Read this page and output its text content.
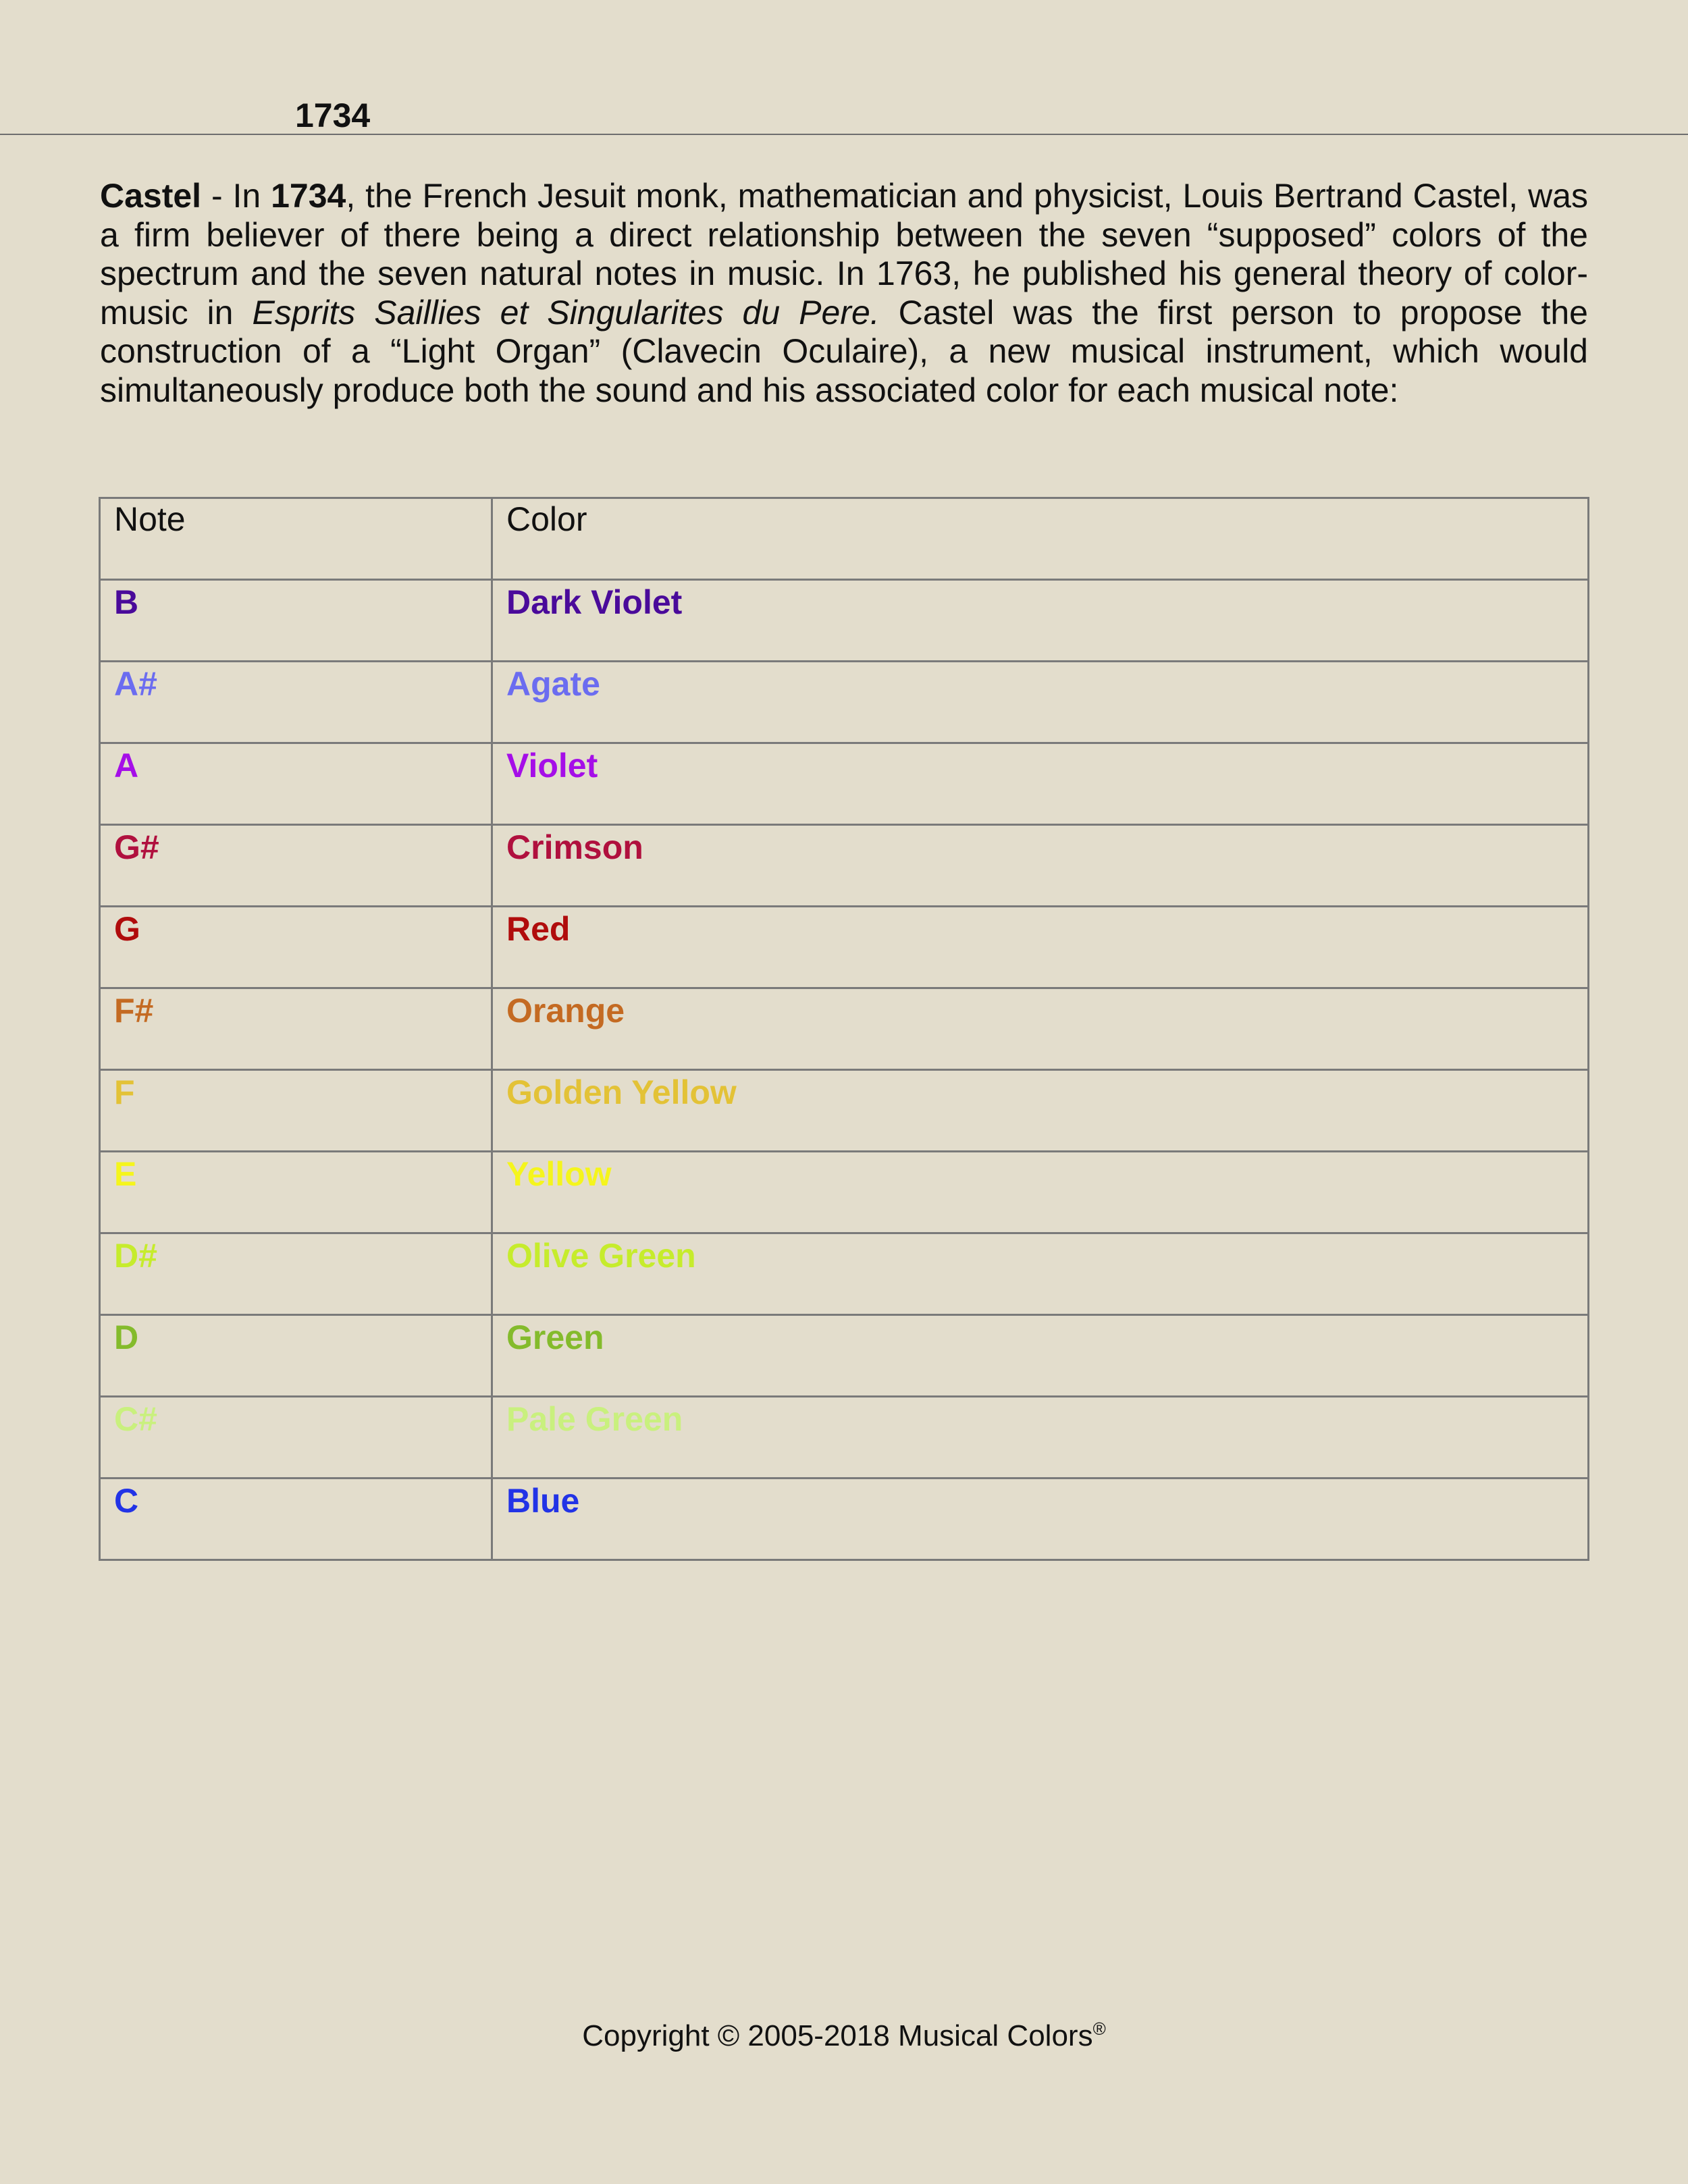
1734

Castel - In 1734, the French Jesuit monk, mathematician and physicist, Louis Bertrand Castel, was a firm believer of there being a direct relationship between the seven “supposed” colors of the spectrum and the seven natural notes in music. In 1763, he published his general theory of color-music in Esprits Saillies et Singularites du Pere. Castel was the first person to propose the construction of a “Light Organ” (Clavecin Oculaire), a new musical instrument, which would simultaneously produce both the sound and his associated color for each musical note:

Note	Color
B	Dark Violet
A#	Agate
A	Violet
G#	Crimson
G	Red
F#	Orange
F	Golden Yellow
E	Yellow
D#	Olive Green
D	Green
C#	Pale Green
C	Blue
Copyright © 2005-2018 Musical Colors®
